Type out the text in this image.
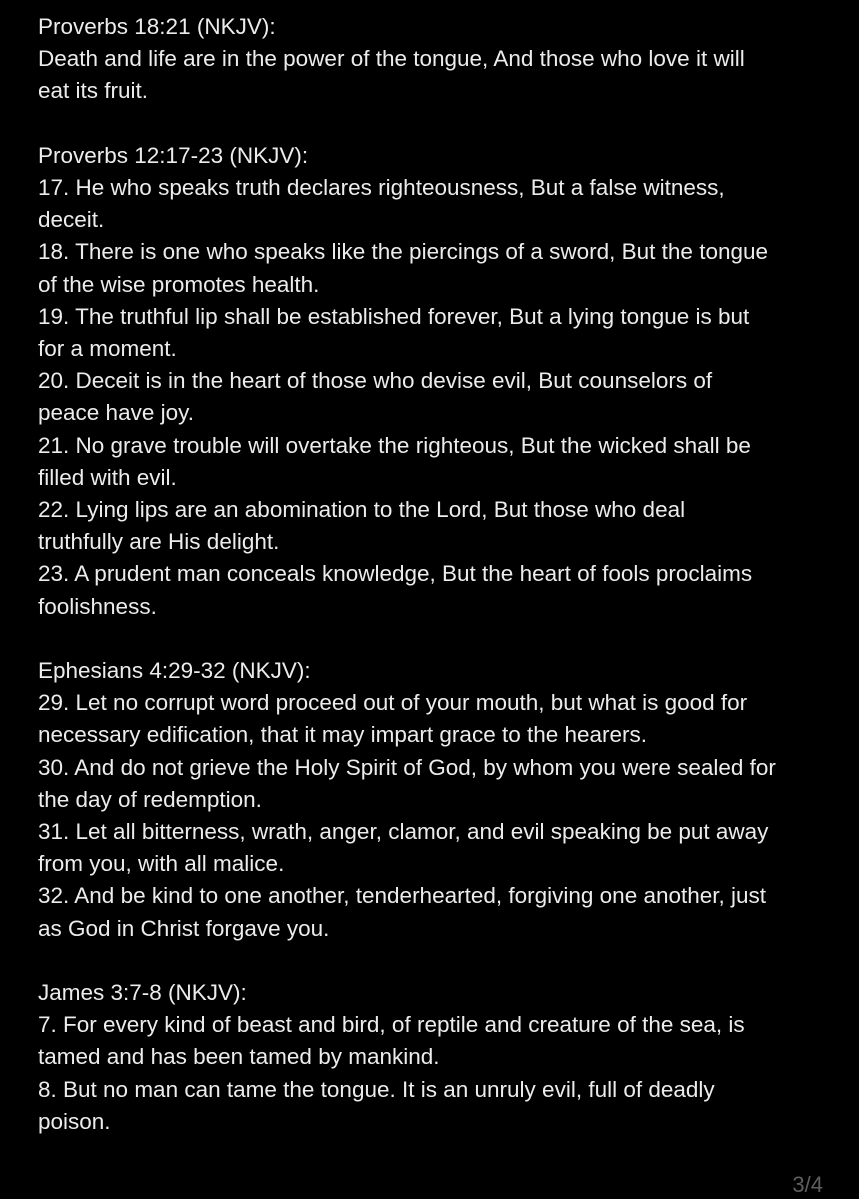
Proverbs 18:21 (NKJV):
Death and life are in the power of the tongue, And those who love it will
eat its fruit.
Proverbs 12:17-23 (NKJV):
17. He who speaks truth declares righteousness, But a false witness,
deceit.
18. There is one who speaks like the piercings of a sword, But the tongue
of the wise promotes health.
19. The truthful lip shall be established forever, But a lying tongue is but
for a moment.
20. Deceit is in the heart of those who devise evil, But counselors of
peace have joy.
21. No grave trouble will overtake the righteous, But the wicked shall be
filled with evil.
22. Lying lips are an abomination to the Lord, But those who deal
truthfully are His delight.
23. A prudent man conceals knowledge, But the heart of fools proclaims
foolishness.
Ephesians 4:29-32 (NKJV):
29. Let no corrupt word proceed out of your mouth, but what is good for
necessary edification, that it may impart grace to the hearers.
30. And do not grieve the Holy Spirit of God, by whom you were sealed for
the day of redemption.
31. Let all bitterness, wrath, anger, clamor, and evil speaking be put away
from you, with all malice.
32. And be kind to one another, tenderhearted, forgiving one another, just
as God in Christ forgave you.
James 3:7-8 (NKJV):
7. For every kind of beast and bird, of reptile and creature of the sea, is
tamed and has been tamed by mankind.
8. But no man can tame the tongue. It is an unruly evil, full of deadly
poison.
3/4
